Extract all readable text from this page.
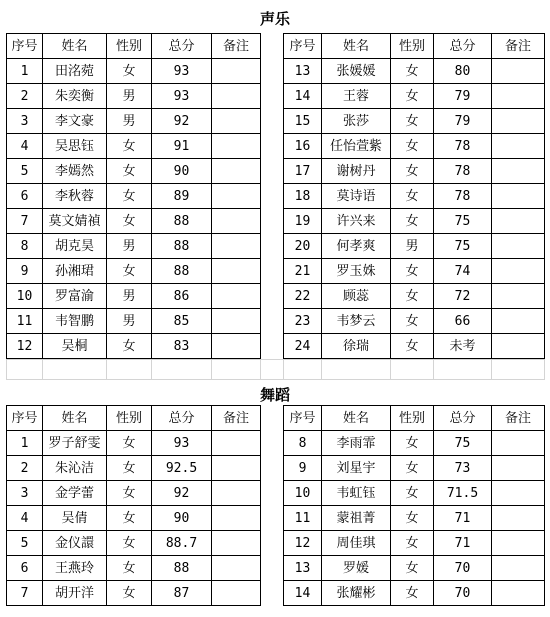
声乐
序号	姓名	性别	总分	备注
1	田洺菀	女	93	
2	朱奕衡	男	93	
3	李文豪	男	92	
4	吴思钰	女	91	
5	李嫣然	女	90	
6	李秋蓉	女	89	
7	莫文婧禎	女	88	
8	胡克昊	男	88	
9	孙湘珺	女	88	
10	罗富渝	男	86	
11	韦智鹏	男	85	
12	吴桐	女	83	
序号	姓名	性别	总分	备注
13	张媛媛	女	80	
14	王蓉	女	79	
15	张莎	女	79	
16	任怡萱紫	女	78	
17	谢树丹	女	78	
18	莫诗语	女	78	
19	许兴来	女	75	
20	何孝爽	男	75	
21	罗玉姝	女	74	
22	顾蕊	女	72	
23	韦梦云	女	66	
24	徐瑞	女	未考	

舞蹈
序号	姓名	性别	总分	备注
1	罗子舒雯	女	93	
2	朱沁洁	女	92.5	
3	金学蕾	女	92	
4	吴倩	女	90	
5	金仪譞	女	88.7	
6	王燕玲	女	88	
7	胡开洋	女	87	
序号	姓名	性别	总分	备注
8	李雨霏	女	75	
9	刘星宇	女	73	
10	韦虹钰	女	71.5	
11	蒙祖菁	女	71	
12	周佳琪	女	71	
13	罗媛	女	70	
14	张耀彬	女	70	
